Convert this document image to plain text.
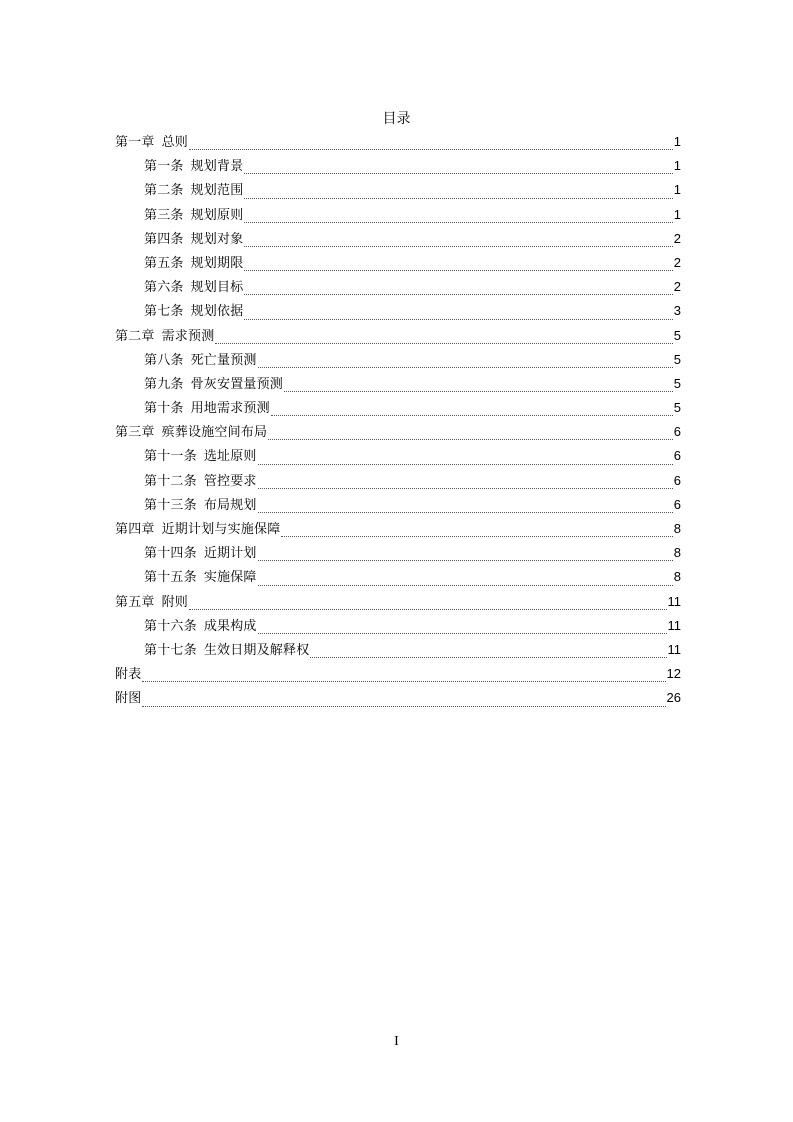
目录
第一章 总则	1
第一条 规划背景	1
第二条 规划范围	1
第三条 规划原则	1
第四条 规划对象	2
第五条 规划期限	2
第六条 规划目标	2
第七条 规划依据	3
第二章 需求预测	5
第八条 死亡量预测	5
第九条 骨灰安置量预测	5
第十条 用地需求预测	5
第三章 殡葬设施空间布局	6
第十一条 选址原则	6
第十二条 管控要求	6
第十三条 布局规划	6
第四章 近期计划与实施保障	8
第十四条 近期计划	8
第十五条 实施保障	8
第五章 附则	11
第十六条 成果构成	11
第十七条 生效日期及解释权	11
附表	12
附图	26
I
